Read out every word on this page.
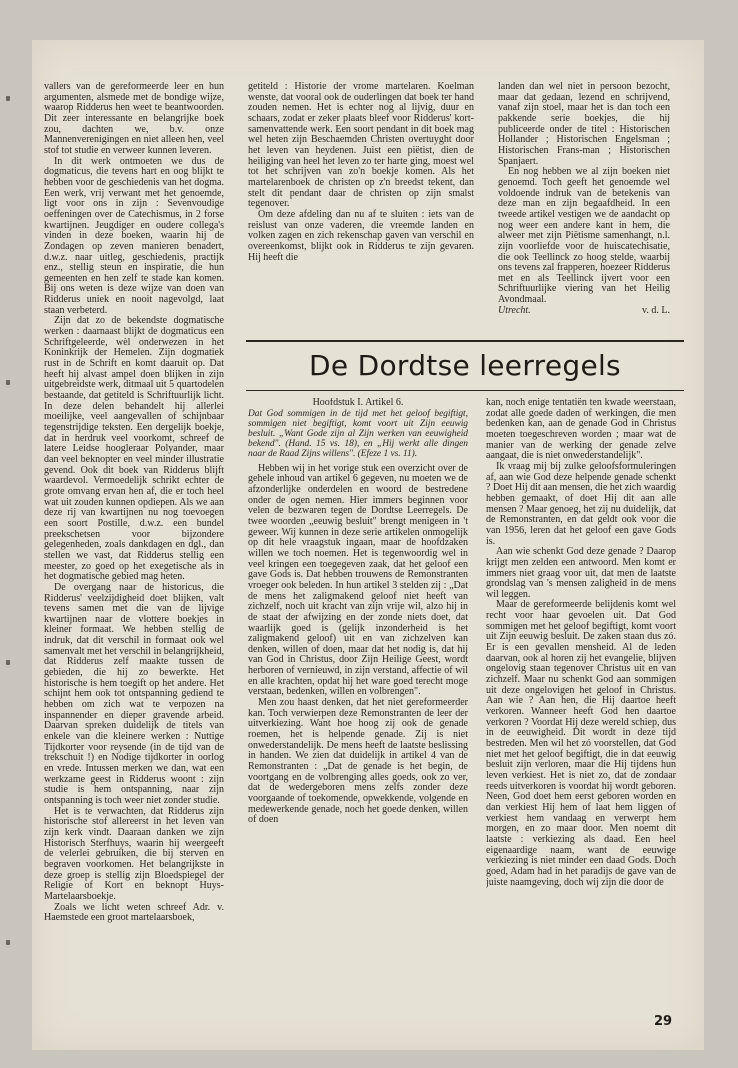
vallers van de gereformeerde leer en hun argumenten, alsmede met de bondige wijze, waarop Ridderus hen weet te beantwoorden. Dit zeer interessante en belangrijke boek zou, dachten we, b.v. onze Mannenverenigingen en niet alleen hen, veel stof tot studie en verweer kunnen leveren.

In dit werk ontmoeten we dus de dogmaticus, die tevens hart en oog blijkt te hebben voor de geschiedenis van het dogma. Een werk, vrij verwant met het genoemde, ligt voor ons in zijn : Sevenvoudige oeffeningen over de Catechismus, in 2 forse kwartijnen. Jeugdiger en oudere collega's vinden in deze boeken, waarin hij de Zondagen op zeven manieren benadert, d.w.z. naar uitleg, geschiedenis, practijk enz., stellig steun en inspiratie, die hun gemeenten en hen zelf te stade kan komen. Bij ons weten is deze wijze van doen van Ridderus uniek en nooit nagevolgd, laat staan verbeterd.

Zijn dat zo de bekendste dogmatische werken : daarnaast blijkt de dogmaticus een Schriftgeleerde, wèl onderwezen in het Koninkrijk der Hemelen. Zijn dogmatiek rust in de Schrift en komt daaruit op. Dat heeft hij alvast ampel doen blijken in zijn uitgebreidste werk, ditmaal uit 5 quartodelen bestaande, dat getiteld is Schriftuurlijk licht. In deze delen behandelt hij allerlei moeilijke, veel aangevallen of schijnbaar tegenstrijdige teksten. Een dergelijk boekje, dat in herdruk veel voorkomt, schreef de latere Leidse hoogleraar Polyander, maar dan veel beknopter en veel minder illustratie gevend. Ook dit boek van Ridderus blijft waardevol. Vermoedelijk schrikt echter de grote omvang ervan hen af, die er toch heel wat uit zouden kunnen opdiepen. Als we aan deze rij van kwartijnen nu nog toevoegen een soort Postille, d.w.z. een bundel preekschetsen voor bijzondere gelegenheden, zoals dankdagen en dgl., dan stellen we vast, dat Ridderus stellig een meester, zo goed op het exegetische als in het dogmatische gebied mag heten.

De overgang naar de historicus, die Ridderus' veelzijdigheid doet blijken, valt tevens samen met die van de lijvige kwartijnen naar de vlottere boekjes in kleiner formaat. We hebben stellig de indruk, dat dit verschil in formaat ook wel samenvalt met het verschil in belangrijkheid, dat Ridderus zelf maakte tussen de gebieden, die hij zo bewerkte. Het historische is hem toegift op het andere. Het schijnt hem ook tot ontspanning gediend te hebben om zich wat te verpozen na inspannender en dieper gravende arbeid. Daarvan spreken duidelijk de titels van enkele van die kleinere werken : Nuttige Tijdkorter voor reysende (in de tijd van de trekschuit !) en Nodige tijdkorter in oorlog en vrede. Intussen merken we dan, wat een werkzame geest in Ridderus woont : zijn studie is hem ontspanning, naar zijn ontspanning is toch weer niet zonder studie.

Het is te verwachten, dat Ridderus zijn historische stof allereerst in het leven van zijn kerk vindt. Daaraan danken we zijn Historisch Sterfhuys, waarin hij weergeeft de velerlei gebruiken, die bij sterven en begraven voorkomen. Het belangrijkste in deze groep is stellig zijn Bloedspiegel der Religie of Kort en beknopt Huys-Martelaarsboekje.

Zoals we licht weten schreef Adr. v. Haemstede een groot martelaarsboek,

getiteld : Historie der vrome martelaren. Koelman wenste, dat vooral ook de ouderlingen dat boek ter hand zouden nemen. Het is echter nog al lijvig, duur en schaars, zodat er zeker plaats bleef voor Ridderus' kort-samenvattende werk. Een soort pendant in dit boek mag wel heten zijn Beschaemden Christen overtuyght door het leven van heydenen. Juist een piëtist, dien de heiliging van heel het leven zo ter harte ging, moest wel tot het schrijven van zo'n boekje komen. Als het martelarenboek de christen op z'n breedst tekent, dan stelt dit pendant daar de christen op zijn smalst tegenover.

Om deze afdeling dan nu af te sluiten : iets van de reislust van onze vaderen, die vreemde landen en volken zagen en zich rekenschap gaven van verschil en overeenkomst, blijkt ook in Ridderus te zijn gevaren. Hij heeft die

landen dan wel niet in persoon bezocht, maar dat gedaan, lezend en schrijvend, vanaf zijn stoel, maar het is dan toch een pakkende serie boekjes, die hij publiceerde onder de titel : Historischen Hollander ; Historischen Engelsman ; Historischen Frans-man ; Historischen Spanjaert.

En nog hebben we al zijn boeken niet genoemd. Toch geeft het genoemde wel voldoende indruk van de betekenis van deze man en zijn begaafdheid. In een tweede artikel vestigen we de aandacht op nog weer een andere kant in hem, die alweer met zijn Piëtisme samenhangt, n.l. zijn voorliefde voor de huiscatechisatie, die ook Teellinck zo hoog stelde, waarbij ons tevens zal frapperen, hoezeer Ridderus met en als Teellinck ijvert voor een Schriftuurlijke viering van het Heilig Avondmaal.

Utrecht.	v. d. L.
De Dordtse leerregels

Hoofdstuk I. Artikel 6.

Dat God sommigen in de tijd met het geloof begiftigt, sommigen niet begiftigt, komt voort uit Zijn eeuwig besluit. „Want Gode zijn al Zijn werken van eeuwigheid bekend". (Hand. 15 vs. 18), en „Hij werkt alle dingen naar de Raad Zijns willens". (Efeze 1 vs. 11).

Hebben wij in het vorige stuk een overzicht over de gehele inhoud van artikel 6 gegeven, nu moeten we de afzonderlijke onderdelen en woord de bestredene onder de ogen nemen. Hier immers beginnen voor velen de bezwaren tegen de Dordtse Leerregels. De twee woorden „eeuwig besluit" brengt menigeen in 't geweer. Wij kunnen in deze serie artikelen onmogelijk op dit hele vraagstuk ingaan, maar de hoofdzaken willen we toch noemen. Het is tegenwoordig wel in veel kringen een toegegeven zaak, dat het geloof een gave Gods is. Dat hebben trouwens de Remonstranten vroeger ook beleden. In hun artikel 3 stelden zij : „Dat de mens het zaligmakend geloof niet heeft van zichzelf, noch uit kracht van zijn vrije wil, alzo hij in de staat der afwijzing en der zonde niets doet, dat waarlijk goed is (gelijk inzonderheid is het zaligmakend geloof) uit en van zichzelven kan denken, willen of doen, maar dat het nodig is, dat hij van God in Christus, door Zijn Heilige Geest, wordt herboren of vernieuwd, in zijn verstand, affectie of wil en alle krachten, opdat hij het ware goed terecht moge verstaan, bedenken, willen en volbrengen".

Men zou haast denken, dat het niet gereformeerder kan. Toch verwierpen deze Remonstranten de leer der uitverkiezing. Want hoe hoog zij ook de genade roemen, het is helpende genade. Zij is niet onwederstandelijk. De mens heeft de laatste beslissing in handen. We zien dat duidelijk in artikel 4 van de Remonstranten : „Dat de genade is het begin, de voortgang en de volbrenging alles goeds, ook zo ver, dat de wedergeboren mens zelfs zonder deze voorgaande of toekomende, opwekkende, volgende en medewerkende genade, noch het goede denken, willen of doen

kan, noch enige tentatiën ten kwade weerstaan, zodat alle goede daden of werkingen, die men bedenken kan, aan de genade God in Christus moeten toegeschreven worden ; maar wat de manier van de werking der genade zelve aangaat, die is niet onwederstandelijk".

Ik vraag mij bij zulke geloofsformuleringen af, aan wie God deze helpende genade schenkt ? Doet Hij dit aan mensen, die het zich waardig hebben gemaakt, of doet Hij dit aan alle mensen ? Maar genoeg, het zij nu duidelijk, dat de Remonstranten, en dat geldt ook voor die van 1956, leren dat het geloof een gave Gods is.

Aan wie schenkt God deze genade ? Daarop krijgt men zelden een antwoord. Men komt er immers niet graag voor uit, dat men de laatste grondslag van 's mensen zaligheid in de mens wil leggen.

Maar de gereformeerde belijdenis komt wel recht voor haar gevoelen uit. Dat God sommigen met het geloof begiftigt, komt voort uit Zijn eeuwig besluit. De zaken staan dus zó. Er is een gevallen mensheid. Al de leden daarvan, ook al horen zij het evangelie, blijven ongelovig staan tegenover Christus uit en van zichzelf. Maar nu schenkt God aan sommigen uit deze ongelovigen het geloof in Christus. Aan wie ? Aan hen, die Hij daartoe heeft verkoren. Wanneer heeft God hen daartoe verkoren ? Voordat Hij deze wereld schiep, dus in de eeuwigheid. Dit wordt in deze tijd bestreden. Men wil het zó voorstellen, dat God niet met het geloof begiftigt, die in dat eeuwig besluit zijn verloren, maar die Hij tijdens hun leven verkiest. Het is niet zo, dat de zondaar reeds uitverkoren is voordat hij wordt geboren. Neen, God doet hem eerst geboren worden en dan verkiest Hij hem of laat hem liggen of verkiest hem vandaag en verwerpt hem morgen, en zo maar door. Men noemt dit laatste : verkiezing als daad. Een heel eigenaardige naam, want de eeuwige verkiezing is niet minder een daad Gods. Doch goed, Adam had in het paradijs de gave van de juiste naamgeving, doch wij zijn die door de

29
